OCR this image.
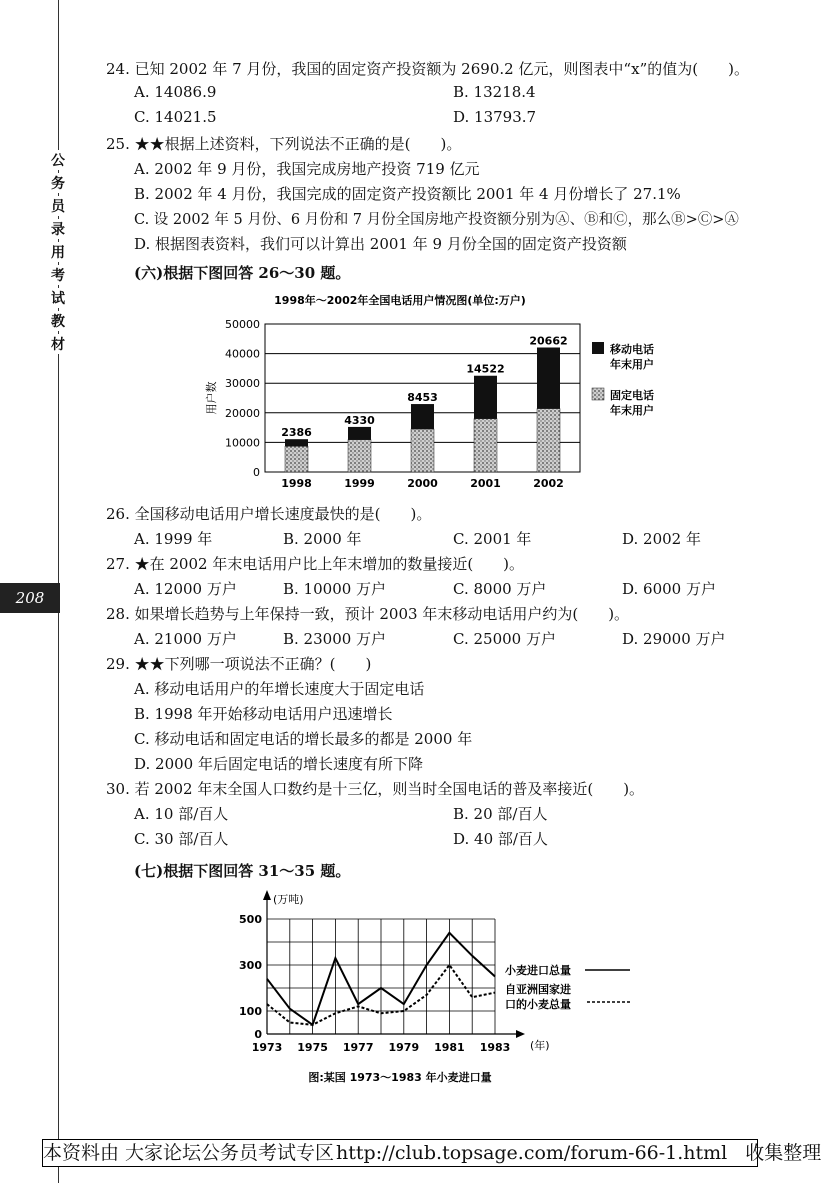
公
务
员
录
用
考
试
教
材
208
24. 已知 2002 年 7 月份，我国的固定资产投资额为 2690.2 亿元，则图表中“x”的值为(　　)。
A. 14086.9	B. 13218.4
C. 14021.5	D. 13793.7
25. ★★根据上述资料，下列说法不正确的是(　　)。
A. 2002 年 9 月份，我国完成房地产投资 719 亿元
B. 2002 年 4 月份，我国完成的固定资产投资额比 2001 年 4 月份增长了 27.1%
C. 设 2002 年 5 月份、6 月份和 7 月份全国房地产投资额分别为Ⓐ、Ⓑ和Ⓒ，那么Ⓑ>Ⓒ>Ⓐ
D. 根据图表资料，我们可以计算出 2001 年 9 月份全国的固定资产投资额
(六)根据下图回答 26～30 题。
1998年～2002年全国电话用户情况图(单位:万户)
0
10000
20000
30000
40000
50000
用户数
2386
1998
4330
1999
8453
2000
14522
2001
20662
2002
移动电话
年末用户
固定电话
年末用户
26. 全国移动电话用户增长速度最快的是(　　)。
A. 1999 年	B. 2000 年	C. 2001 年	D. 2002 年
27. ★在 2002 年末电话用户比上年末增加的数量接近(　　)。
A. 12000 万户	B. 10000 万户	C. 8000 万户	D. 6000 万户
28. 如果增长趋势与上年保持一致，预计 2003 年末移动电话用户约为(　　)。
A. 21000 万户	B. 23000 万户	C. 25000 万户	D. 29000 万户
29. ★★下列哪一项说法不正确？(　　)
A. 移动电话用户的年增长速度大于固定电话
B. 1998 年开始移动电话用户迅速增长
C. 移动电话和固定电话的增长最多的都是 2000 年
D. 2000 年后固定电话的增长速度有所下降
30. 若 2002 年末全国人口数约是十三亿，则当时全国电话的普及率接近(　　)。
A. 10 部/百人	B. 20 部/百人
C. 30 部/百人	D. 40 部/百人
(七)根据下图回答 31～35 题。
(万吨)
(年)
0
100
300
500
1973 1975 1977 1979 1981 1983
小麦进口总量
自亚洲国家进
口的小麦总量
图:某国 1973～1983 年小麦进口量
本资料由 大家论坛公务员考试专区 http://club.topsage.com/forum-66-1.html 收集整理
